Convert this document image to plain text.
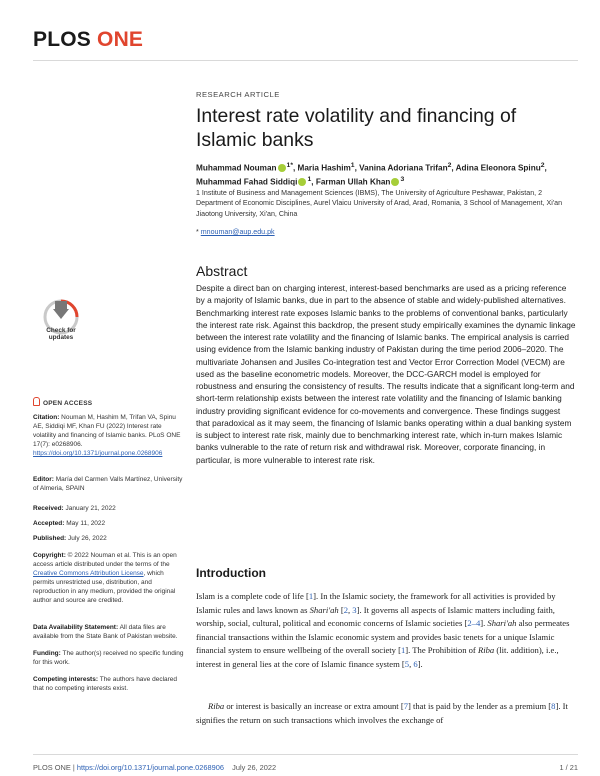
PLOS ONE
RESEARCH ARTICLE
Interest rate volatility and financing of Islamic banks
Muhammad Nouman $^{1*}$, Maria Hashim$^1$, Vanina Adoriana Trifan$^2$, Adina Eleonora Spinu$^2$, Muhammad Fahad Siddiqi $^1$, Farman Ullah Khan $^3$
1 Institute of Business and Management Sciences (IBMS), The University of Agriculture Peshawar, Pakistan, 2 Department of Economic Disciplines, Aurel Vlaicu University of Arad, Arad, Romania, 3 School of Management, Xi'an Jiaotong University, Xi'an, China
* mnouman@aup.edu.pk
Abstract
Despite a direct ban on charging interest, interest-based benchmarks are used as a pricing reference by a majority of Islamic banks, due in part to the absence of stable and widely-published alternatives. Benchmarking interest rate exposes Islamic banks to the problems of conventional banks, particularly the interest rate risk. Against this backdrop, the present study empirically examines the dynamic linkage between the interest rate volatility and the financing of Islamic banks. The empirical analysis is carried using evidence from the Islamic banking industry of Pakistan during the time period 2006–2020. The multivariate Johansen and Jusiles Co-integration test and Vector Error Correction Model (VECM) are used as the baseline econometric models. Moreover, the DCC-GARCH model is employed for robustness and ensuring the consistency of results. The results indicate that a significant long-term and short-term relationship exists between the interest rate volatility and the financing of Islamic banking industry providing significant evidence for co-movements and convergence. These findings suggest that paradoxical as it may seem, the financing of Islamic banks operating within a dual banking system is subject to interest rate risk, mainly due to benchmarking interest rate, which in-turn makes Islamic banks vulnerable to the rate of return risk and withdrawal risk. Moreover, corporate financing, in particular, is more vulnerable to interest rate risk.
Introduction
Islam is a complete code of life [1]. In the Islamic society, the framework for all activities is provided by Islamic rules and laws known as Shari'ah [2, 3]. It governs all aspects of Islamic matters including faith, worship, social, cultural, political and economic concerns of Islamic societies [2–4]. Shari'ah also permeates financial transactions within the Islamic economic system and provides basic tenets for a unique Islamic financial system to ensure wellbeing of the overall society [1]. The Prohibition of Riba (lit. addition), i.e., interest in general lies at the core of Islamic finance system [5, 6].
Riba or interest is basically an increase or extra amount [7] that is paid by the lender as a premium [8]. It signifies the return on such transactions which involves the exchange of
Check for
updates
OPEN ACCESS
Citation: Nouman M, Hashim M, Trifan VA, Spinu AE, Siddiqi MF, Khan FU (2022) Interest rate volatility and financing of Islamic banks. PLoS ONE 17(7): e0268906. https://doi.org/10.1371/journal.pone.0268906
Editor: María del Carmen Valls Martínez, University of Almeria, SPAIN
Received: January 21, 2022
Accepted: May 11, 2022
Published: July 26, 2022
Copyright: © 2022 Nouman et al. This is an open access article distributed under the terms of the Creative Commons Attribution License, which permits unrestricted use, distribution, and reproduction in any medium, provided the original author and source are credited.
Data Availability Statement: All data files are available from the State Bank of Pakistan website.
Funding: The author(s) received no specific funding for this work.
Competing interests: The authors have declared that no competing interests exist.
PLOS ONE | https://doi.org/10.1371/journal.pone.0268906 July 26, 2022	1 / 21
